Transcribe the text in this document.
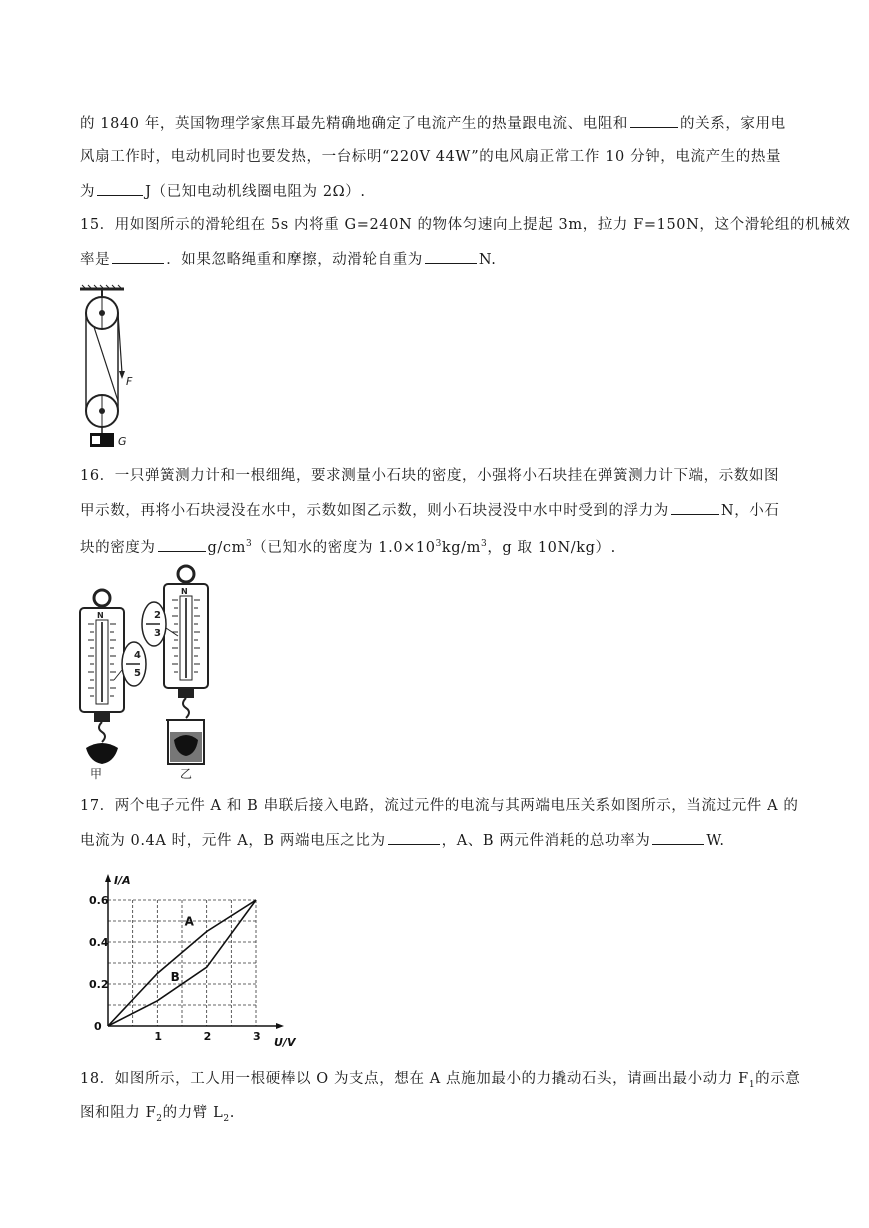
的 1840 年，英国物理学家焦耳最先精确地确定了电流产生的热量跟电流、电阻和	的关系，家用电
风扇工作时，电动机同时也要发热，一台标明“220V 44W”的电风扇正常工作 10 分钟，电流产生的热量
为	J（已知电动机线圈电阻为 2Ω）.
15．用如图所示的滑轮组在 5s 内将重 G=240N 的物体匀速向上提起 3m，拉力 F=150N，这个滑轮组的机械效
率是	．如果忽略绳重和摩擦，动滑轮自重为	N.
F
G
16．一只弹簧测力计和一根细绳，要求测量小石块的密度，小强将小石块挂在弹簧测力计下端，示数如图
甲示数，再将小石块浸没在水中，示数如图乙示数，则小石块浸没中水中时受到的浮力为	N，小石
块的密度为	$g/cm^3$（已知水的密度为 $1.0\times 10^3kg/m^3$，g 取 10N/kg）.
N
甲
4
5
N
乙
2
3
17．两个电子元件 A 和 B 串联后接入电路，流过元件的电流与其两端电压关系如图所示，当流过元件 A 的
电流为 0.4A 时，元件 A，B 两端电压之比为	，A、B 两元件消耗的总功率为	W.
A
B
1	2	3
0.2
0.4
0.6
0
U/V
I/A
18．如图所示，工人用一根硬棒以 O 为支点，想在 A 点施加最小的力撬动石头，请画出最小动力 $F_1$的示意
图和阻力 $F_2$的力臂 $L_2$.
